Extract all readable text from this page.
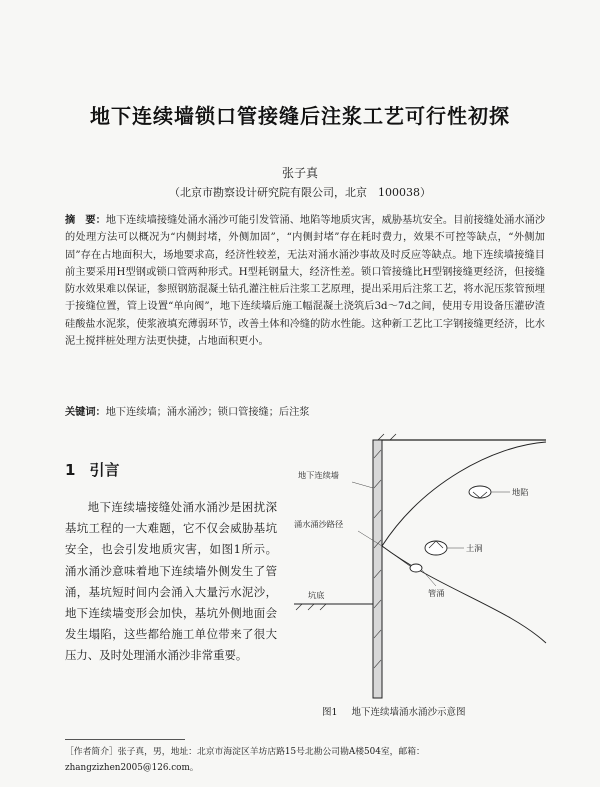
地下连续墙锁口管接缝后注浆工艺可行性初探
张子真
（北京市勘察设计研究院有限公司，北京　100038）
摘　要：地下连续墙接缝处涌水涌沙可能引发管涌、地陷等地质灾害，威胁基坑安全。目前接缝处涌水涌沙的处理方法可以概况为“内侧封堵，外侧加固”，“内侧封堵”存在耗时费力，效果不可控等缺点，“外侧加固”存在占地面积大，场地要求高，经济性较差，无法对涌水涌沙事故及时反应等缺点。地下连续墙接缝目前主要采用H型钢或锁口管两种形式。H型耗钢量大，经济性差。锁口管接缝比H型钢接缝更经济，但接缝防水效果难以保证，参照钢筋混凝土钻孔灌注桩后注浆工艺原理，提出采用后注浆工艺，将水泥压浆管预埋于接缝位置，管上设置“单向阀”，地下连续墙后施工幅混凝土浇筑后3d～7d之间，使用专用设备压灌矽渣硅酸盐水泥浆，使浆液填充薄弱环节，改善土体和冷缝的防水性能。这种新工艺比工字钢接缝更经济，比水泥土搅拌桩处理方法更快捷，占地面积更小。
关键词：地下连续墙；涌水涌沙；锁口管接缝；后注浆
1 引言

地下连续墙接缝处涌水涌沙是困扰深基坑工程的一大难题，它不仅会威胁基坑安全，也会引发地质灾害，如图1所示。涌水涌沙意味着地下连续墙外侧发生了管涌，基坑短时间内会涌入大量污水泥沙，地下连续墙变形会加快，基坑外侧地面会发生塌陷，这些都给施工单位带来了很大压力、及时处理涌水涌沙非常重要。

地下连续墙
涌水涌沙路径
坑底
地陷
土洞
管涌
图1 地下连续墙涌水涌沙示意图
［作者简介］张子真，男，地址：北京市海淀区羊坊店路15号北勘公司勘A楼504室，邮箱：zhangzizhen2005@126.com。
